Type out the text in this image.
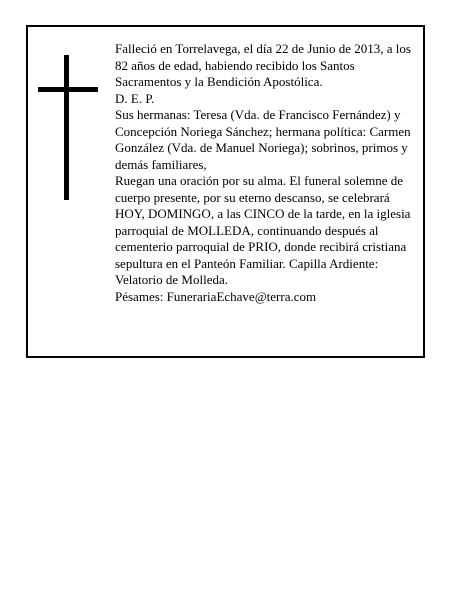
Falleció en Torrelavega, el día 22 de Junio de 2013, a los 82 años de edad, habiendo recibido los Santos Sacramentos y la Bendición Apostólica.

D. E. P.

Sus hermanas: Teresa (Vda. de Francisco Fernández) y Concepción Noriega Sánchez; hermana política: Carmen González (Vda. de Manuel Noriega); sobrinos, primos y demás familiares,

Ruegan una oración por su alma. El funeral solemne de cuerpo presente, por su eterno descanso, se celebrará HOY, DOMINGO, a las CINCO de la tarde, en la iglesia parroquial de MOLLEDA, continuando después al cementerio parroquial de PRIO, donde recibirá cristiana sepultura en el Panteón Familiar. Capilla Ardiente: Velatorio de Molleda.

Pésames: FunerariaEchave@terra.com
